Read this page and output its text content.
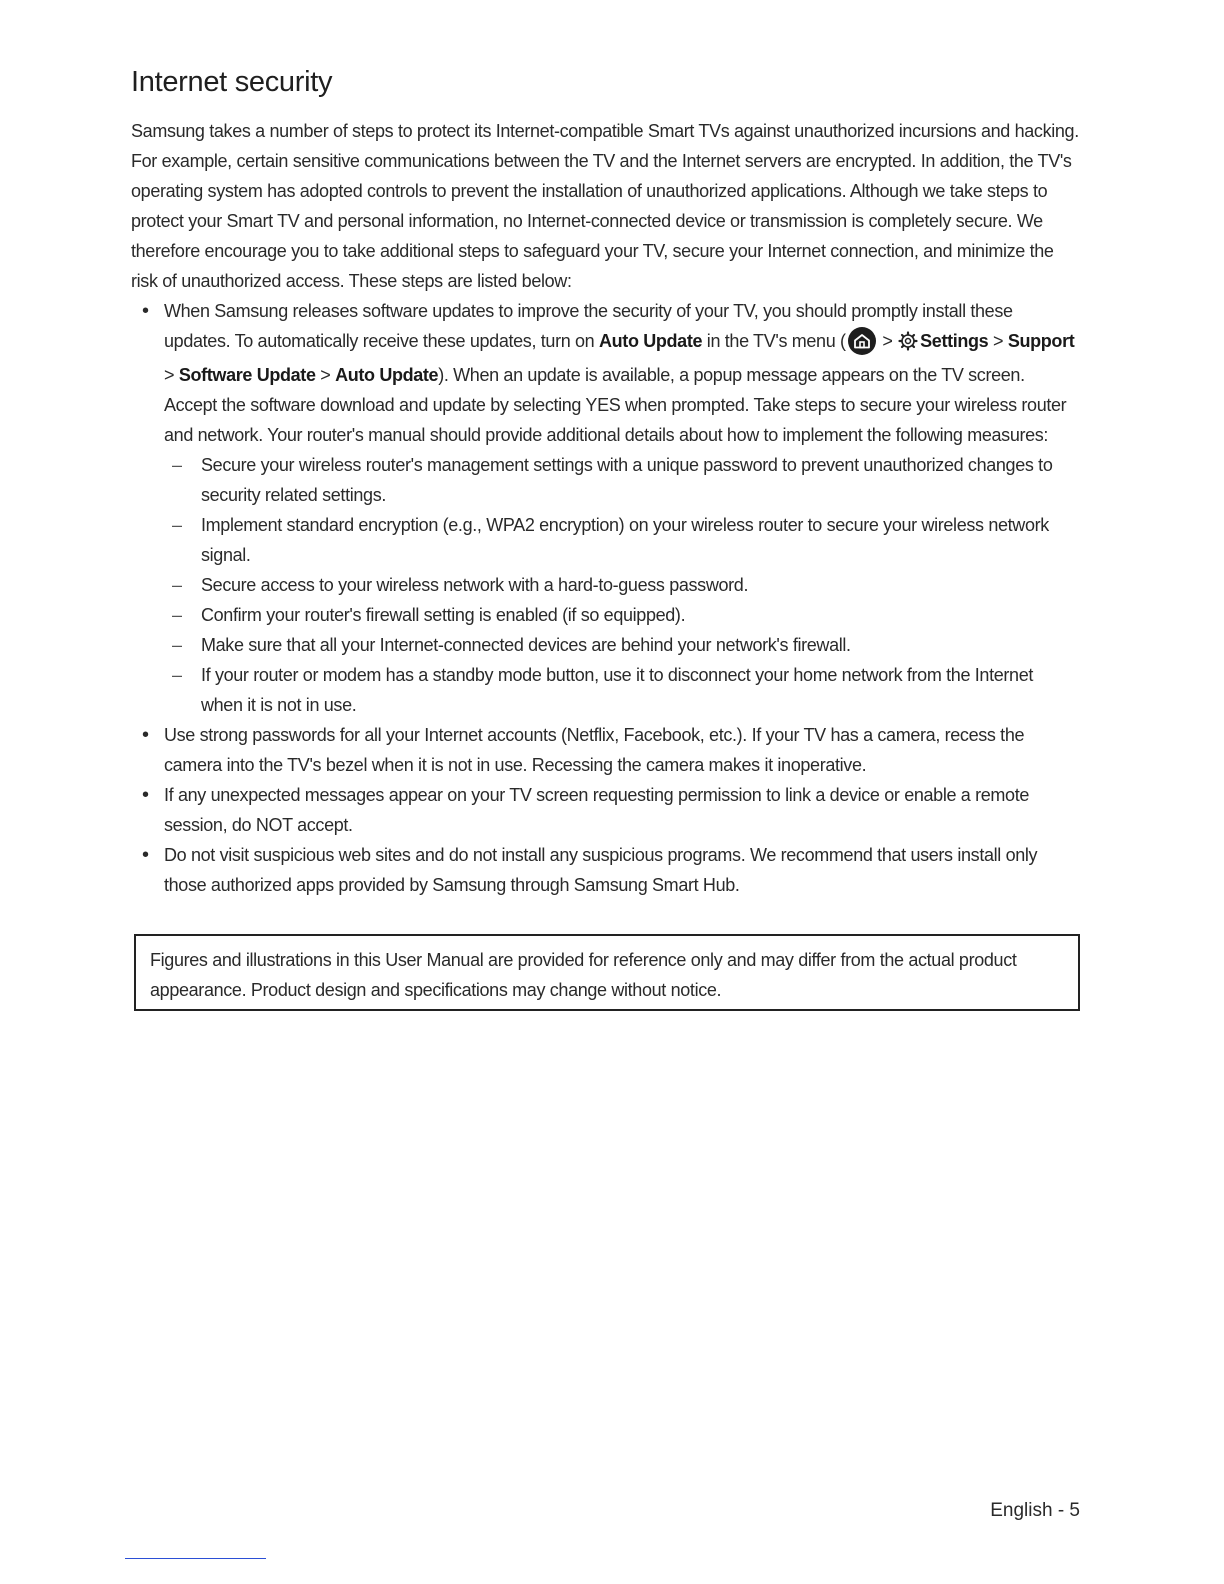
Internet security

Samsung takes a number of steps to protect its Internet-compatible Smart TVs against unauthorized incursions and hacking. For example, certain sensitive communications between the TV and the Internet servers are encrypted. In addition, the TV's operating system has adopted controls to prevent the installation of unauthorized applications. Although we take steps to protect your Smart TV and personal information, no Internet-connected device or transmission is completely secure. We therefore encourage you to take additional steps to safeguard your TV, secure your Internet connection, and minimize the risk of unauthorized access. These steps are listed below:

• When Samsung releases software updates to improve the security of your TV, you should promptly install these updates. To automatically receive these updates, turn on Auto Update in the TV's menu (
> Settings > Support > Software Update > Auto Update). When an update is available, a popup message appears on the TV screen. Accept the software download and update by selecting YES when prompted. Take steps to secure your wireless router and network. Your router's manual should provide additional details about how to implement the following measures:
– Secure your wireless router's management settings with a unique password to prevent unauthorized changes to security related settings.
– Implement standard encryption (e.g., WPA2 encryption) on your wireless router to secure your wireless network signal.
– Secure access to your wireless network with a hard-to-guess password.
– Confirm your router's firewall setting is enabled (if so equipped).
– Make sure that all your Internet-connected devices are behind your network's firewall.
– If your router or modem has a standby mode button, use it to disconnect your home network from the Internet when it is not in use.
• Use strong passwords for all your Internet accounts (Netflix, Facebook, etc.). If your TV has a camera, recess the camera into the TV's bezel when it is not in use. Recessing the camera makes it inoperative.
• If any unexpected messages appear on your TV screen requesting permission to link a device or enable a remote session, do NOT accept.
• Do not visit suspicious web sites and do not install any suspicious programs. We recommend that users install only those authorized apps provided by Samsung through Samsung Smart Hub.
Figures and illustrations in this User Manual are provided for reference only and may differ from the actual product appearance. Product design and specifications may change without notice.
English - 5
